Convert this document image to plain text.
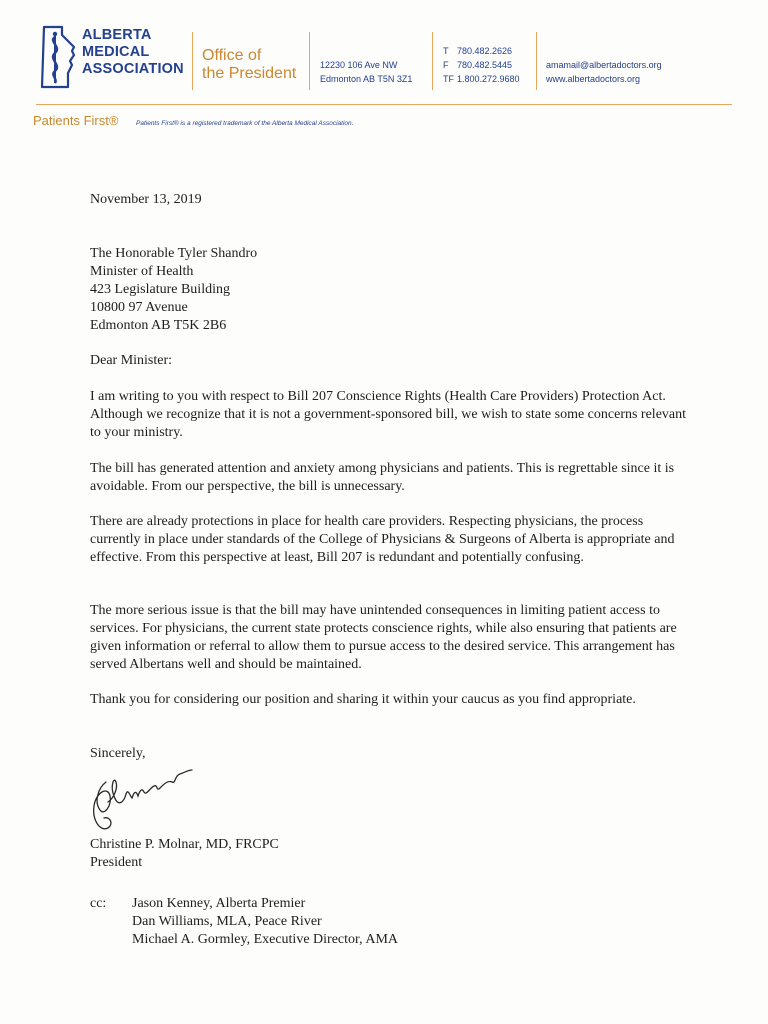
ALBERTA
MEDICAL
ASSOCIATION
Office of
the President	12230 106 Ave NW
Edmonton AB T5N 3Z1
T 780.482.2626
F 780.482.5445
TF 1.800.272.9680
amamail@albertadoctors.org
www.albertadoctors.org
Patients First®	Patients First® is a registered trademark of the Alberta Medical Association.

November 13, 2019

The Honorable Tyler Shandro
Minister of Health
423 Legislature Building
10800 97 Avenue
Edmonton AB T5K 2B6

Dear Minister:

I am writing to you with respect to Bill 207 Conscience Rights (Health Care Providers) Protection Act. Although we recognize that it is not a government-sponsored bill, we wish to state some concerns relevant to your ministry.

The bill has generated attention and anxiety among physicians and patients. This is regrettable since it is avoidable. From our perspective, the bill is unnecessary.

There are already protections in place for health care providers. Respecting physicians, the process currently in place under standards of the College of Physicians & Surgeons of Alberta is appropriate and effective. From this perspective at least, Bill 207 is redundant and potentially confusing.

The more serious issue is that the bill may have unintended consequences in limiting patient access to services. For physicians, the current state protects conscience rights, while also ensuring that patients are given information or referral to allow them to pursue access to the desired service. This arrangement has served Albertans well and should be maintained.

Thank you for considering our position and sharing it within your caucus as you find appropriate.

Sincerely,

Christine P. Molnar, MD, FRCPC
President
cc: Jason Kenney, Alberta Premier
Dan Williams, MLA, Peace River
Michael A. Gormley, Executive Director, AMA
